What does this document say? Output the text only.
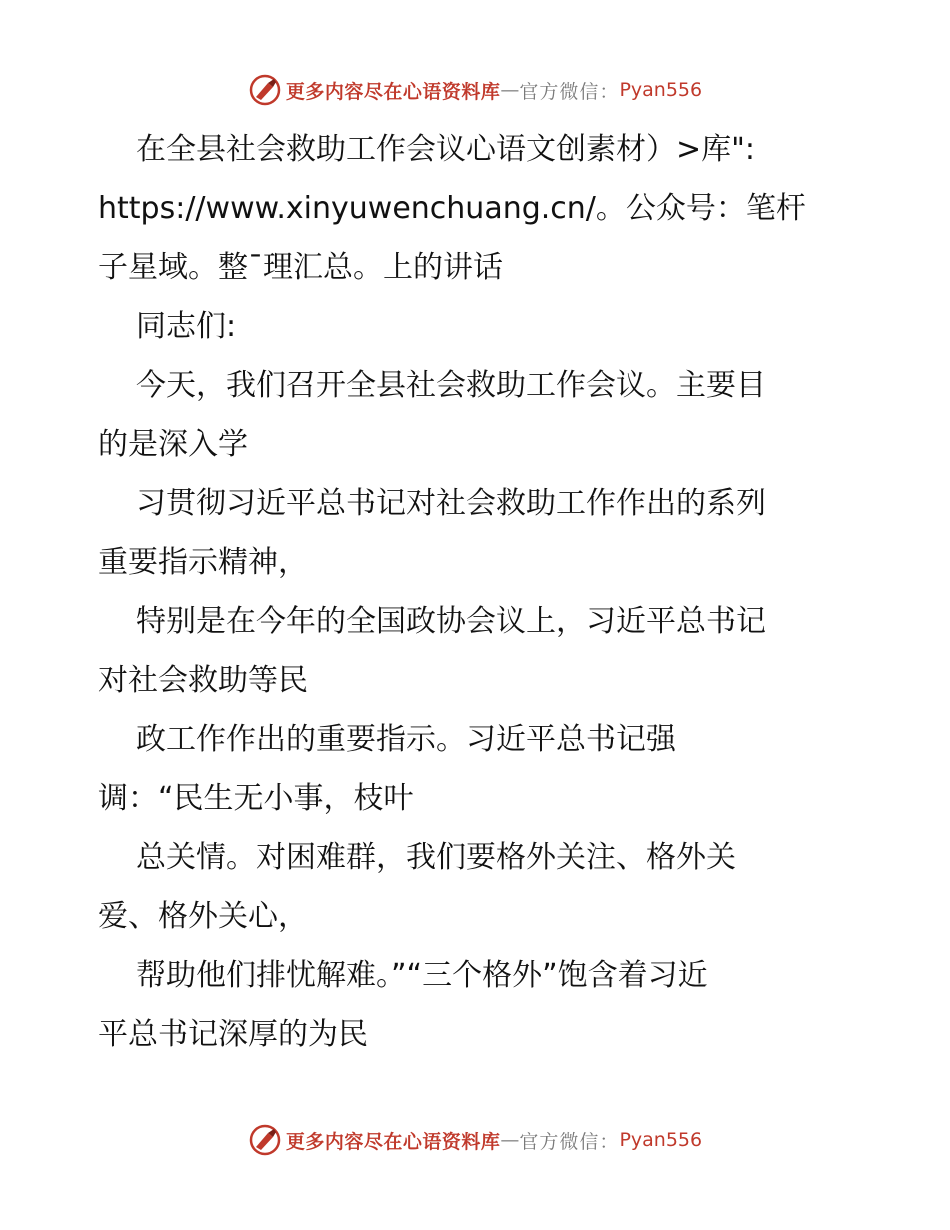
更多内容尽在心语资料库 — 官方微信： Pyan556

在全县社会救助工作会议心语文创素材）>库":
https://www.xinyuwenchuang.cn/。公众号：笔杆
子星域。整¯理汇总。上的讲话

同志们:

今天，我们召开全县社会救助工作会议。主要目
的是深入学

习贯彻习近平总书记对社会救助工作作出的系列
重要指示精神，

特别是在今年的全国政协会议上，习近平总书记
对社会救助等民

政工作作出的重要指示。习近平总书记强
调：“民生无小事，枝叶

总关情。对困难群，我们要格外关注、格外关
爱、格外关心，

帮助他们排忧解难。”“三个格外”饱含着习近
平总书记深厚的为民

更多内容尽在心语资料库 — 官方微信： Pyan556
